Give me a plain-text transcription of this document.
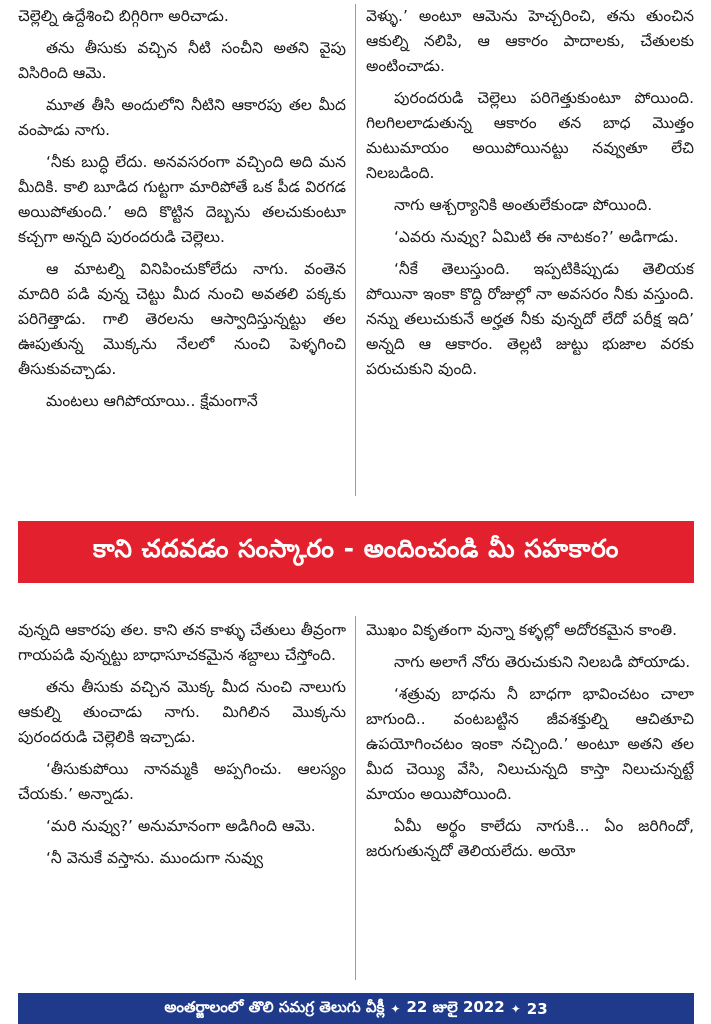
చెల్లెల్ని ఉద్దేశించి బిగ్గిరిగా అరిచాడు.

తను తీసుకు వచ్చిన నీటి సంచీని అతని వైపు విసిరింది ఆమె.

మూత తీసి అందులోని నీటిని ఆకారపు తల మీద వంపాడు నాగు.

‘నీకు బుద్ధి లేదు. అనవసరంగా వచ్చింది అది మన మీదికి. కాలి బూడిద గుట్టగా మారిపోతే ఒక పీడ విరగడ అయిపోతుంది.’ అది కొట్టిన దెబ్బను తలచుకుంటూ కచ్చగా అన్నది పురందరుడి చెల్లెలు.

ఆ మాటల్ని వినిపించుకోలేదు నాగు. వంతెన మాదిరి పడి వున్న చెట్టు మీద నుంచి అవతలి పక్కకు పరిగెత్తాడు. గాలి తెరలను ఆస్వాదిస్తున్నట్టు తల ఊపుతున్న మొక్కను నేలలో నుంచి పెళ్ళగించి తీసుకువచ్చాడు.

మంటలు ఆగిపోయాయి.. క్షేమంగానే

వెళ్ళు.’ అంటూ ఆమెను హెచ్చరించి, తను తుంచిన ఆకుల్ని నలిపి, ఆ ఆకారం పాదాలకు, చేతులకు అంటించాడు.

పురందరుడి చెల్లెలు పరిగెత్తుకుంటూ పోయింది. గిలగిలలాడుతున్న ఆకారం తన బాధ మొత్తం మటుమాయం అయిపోయినట్టు నవ్వుతూ లేచి నిలబడింది.

నాగు ఆశ్చర్యానికి అంతులేకుండా పోయింది.

‘ఎవరు నువ్వు? ఏమిటి ఈ నాటకం?’ అడిగాడు.

‘నీకే తెలుస్తుంది. ఇప్పటికిప్పుడు తెలియక పోయినా ఇంకా కొద్ది రోజుల్లో నా అవసరం నీకు వస్తుంది. నన్ను తలుచుకునే అర్హత నీకు వున్నదో లేదో పరీక్ష ఇది’ అన్నది ఆ ఆకారం. తెల్లటి జుట్టు భుజాల వరకు పరుచుకుని వుంది.

కాని చదవడం సంస్కారం - అందించండి మీ సహకారం

వున్నది ఆకారపు తల. కాని తన కాళ్ళు చేతులు తీవ్రంగా గాయపడి వున్నట్టు బాధాసూచకమైన శబ్దాలు చేస్తోంది.

తను తీసుకు వచ్చిన మొక్క మీద నుంచి నాలుగు ఆకుల్ని తుంచాడు నాగు. మిగిలిన మొక్కను పురందరుడి చెల్లెలికి ఇచ్చాడు.

‘తీసుకుపోయి నానమ్మకి అప్పగించు. ఆలస్యం చేయకు.’ అన్నాడు.

‘మరి నువ్వు?’ అనుమానంగా అడిగింది ఆమె.

‘నీ వెనుకే వస్తాను. ముందుగా నువ్వు

మొఖం వికృతంగా వున్నా కళ్ళల్లో అదోరకమైన కాంతి.

నాగు అలాగే నోరు తెరుచుకుని నిలబడి పోయాడు.

‘శత్రువు బాధను నీ బాధగా భావించటం చాలా బాగుంది.. వంటబట్టిన జీవశక్తుల్ని ఆచితూచి ఉపయోగించటం ఇంకా నచ్చింది.’ అంటూ అతని తల మీద చెయ్యి వేసి, నిలుచున్నది కాస్తా నిలుచున్నట్టే మాయం అయిపోయింది.

ఏమీ అర్థం కాలేదు నాగుకి... ఏం జరిగిందో, జరుగుతున్నదో తెలియలేదు. అయో

అంతర్జాలంలో తొలి సమగ్ర తెలుగు వీక్లీ ✦ 22 జులై 2022 ✦ 23
